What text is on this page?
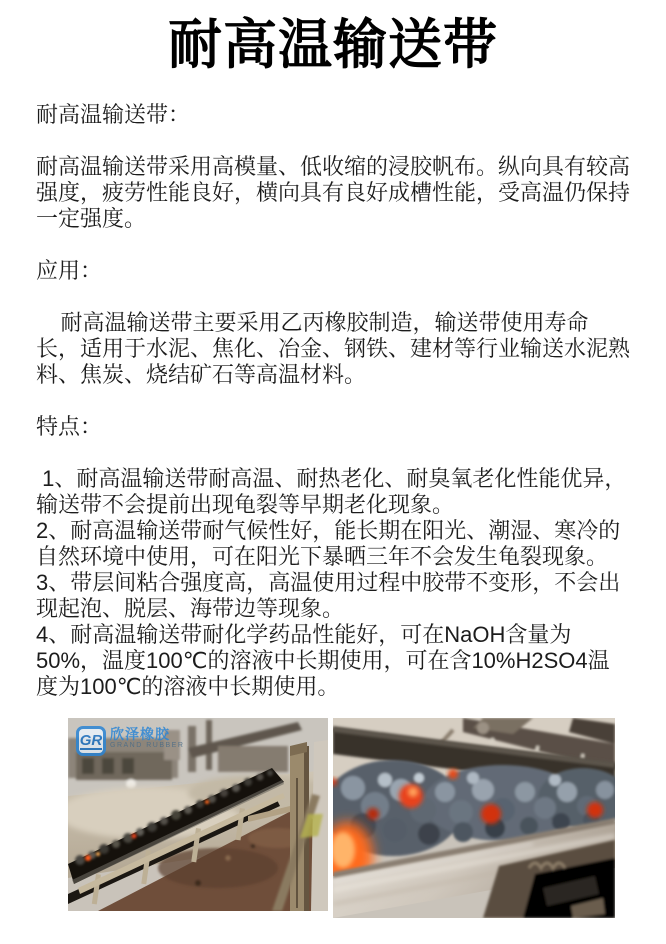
耐高温输送带

耐高温输送带：

耐高温输送带采用高模量、低收缩的浸胶帆布。纵向具有较高强度，疲劳性能良好，横向具有良好成槽性能，受高温仍保持一定强度。

应用：

耐高温输送带主要采用乙丙橡胶制造，输送带使用寿命长，适用于水泥、焦化、冶金、钢铁、建材等行业输送水泥熟料、焦炭、烧结矿石等高温材料。

特点：

1、耐高温输送带耐高温、耐热老化、耐臭氧老化性能优异，输送带不会提前出现龟裂等早期老化现象。
2、耐高温输送带耐气候性好，能长期在阳光、潮湿、寒冷的自然环境中使用，可在阳光下暴晒三年不会发生龟裂现象。
3、带层间粘合强度高，高温使用过程中胶带不变形，不会出现起泡、脱层、海带边等现象。
4、耐高温输送带耐化学药品性能好，可在NaOH含量为50%，温度100℃的溶液中长期使用，可在含10%H2SO4温度为100℃的溶液中长期使用。
GR 欣泽橡胶
GRAND RUBBER
